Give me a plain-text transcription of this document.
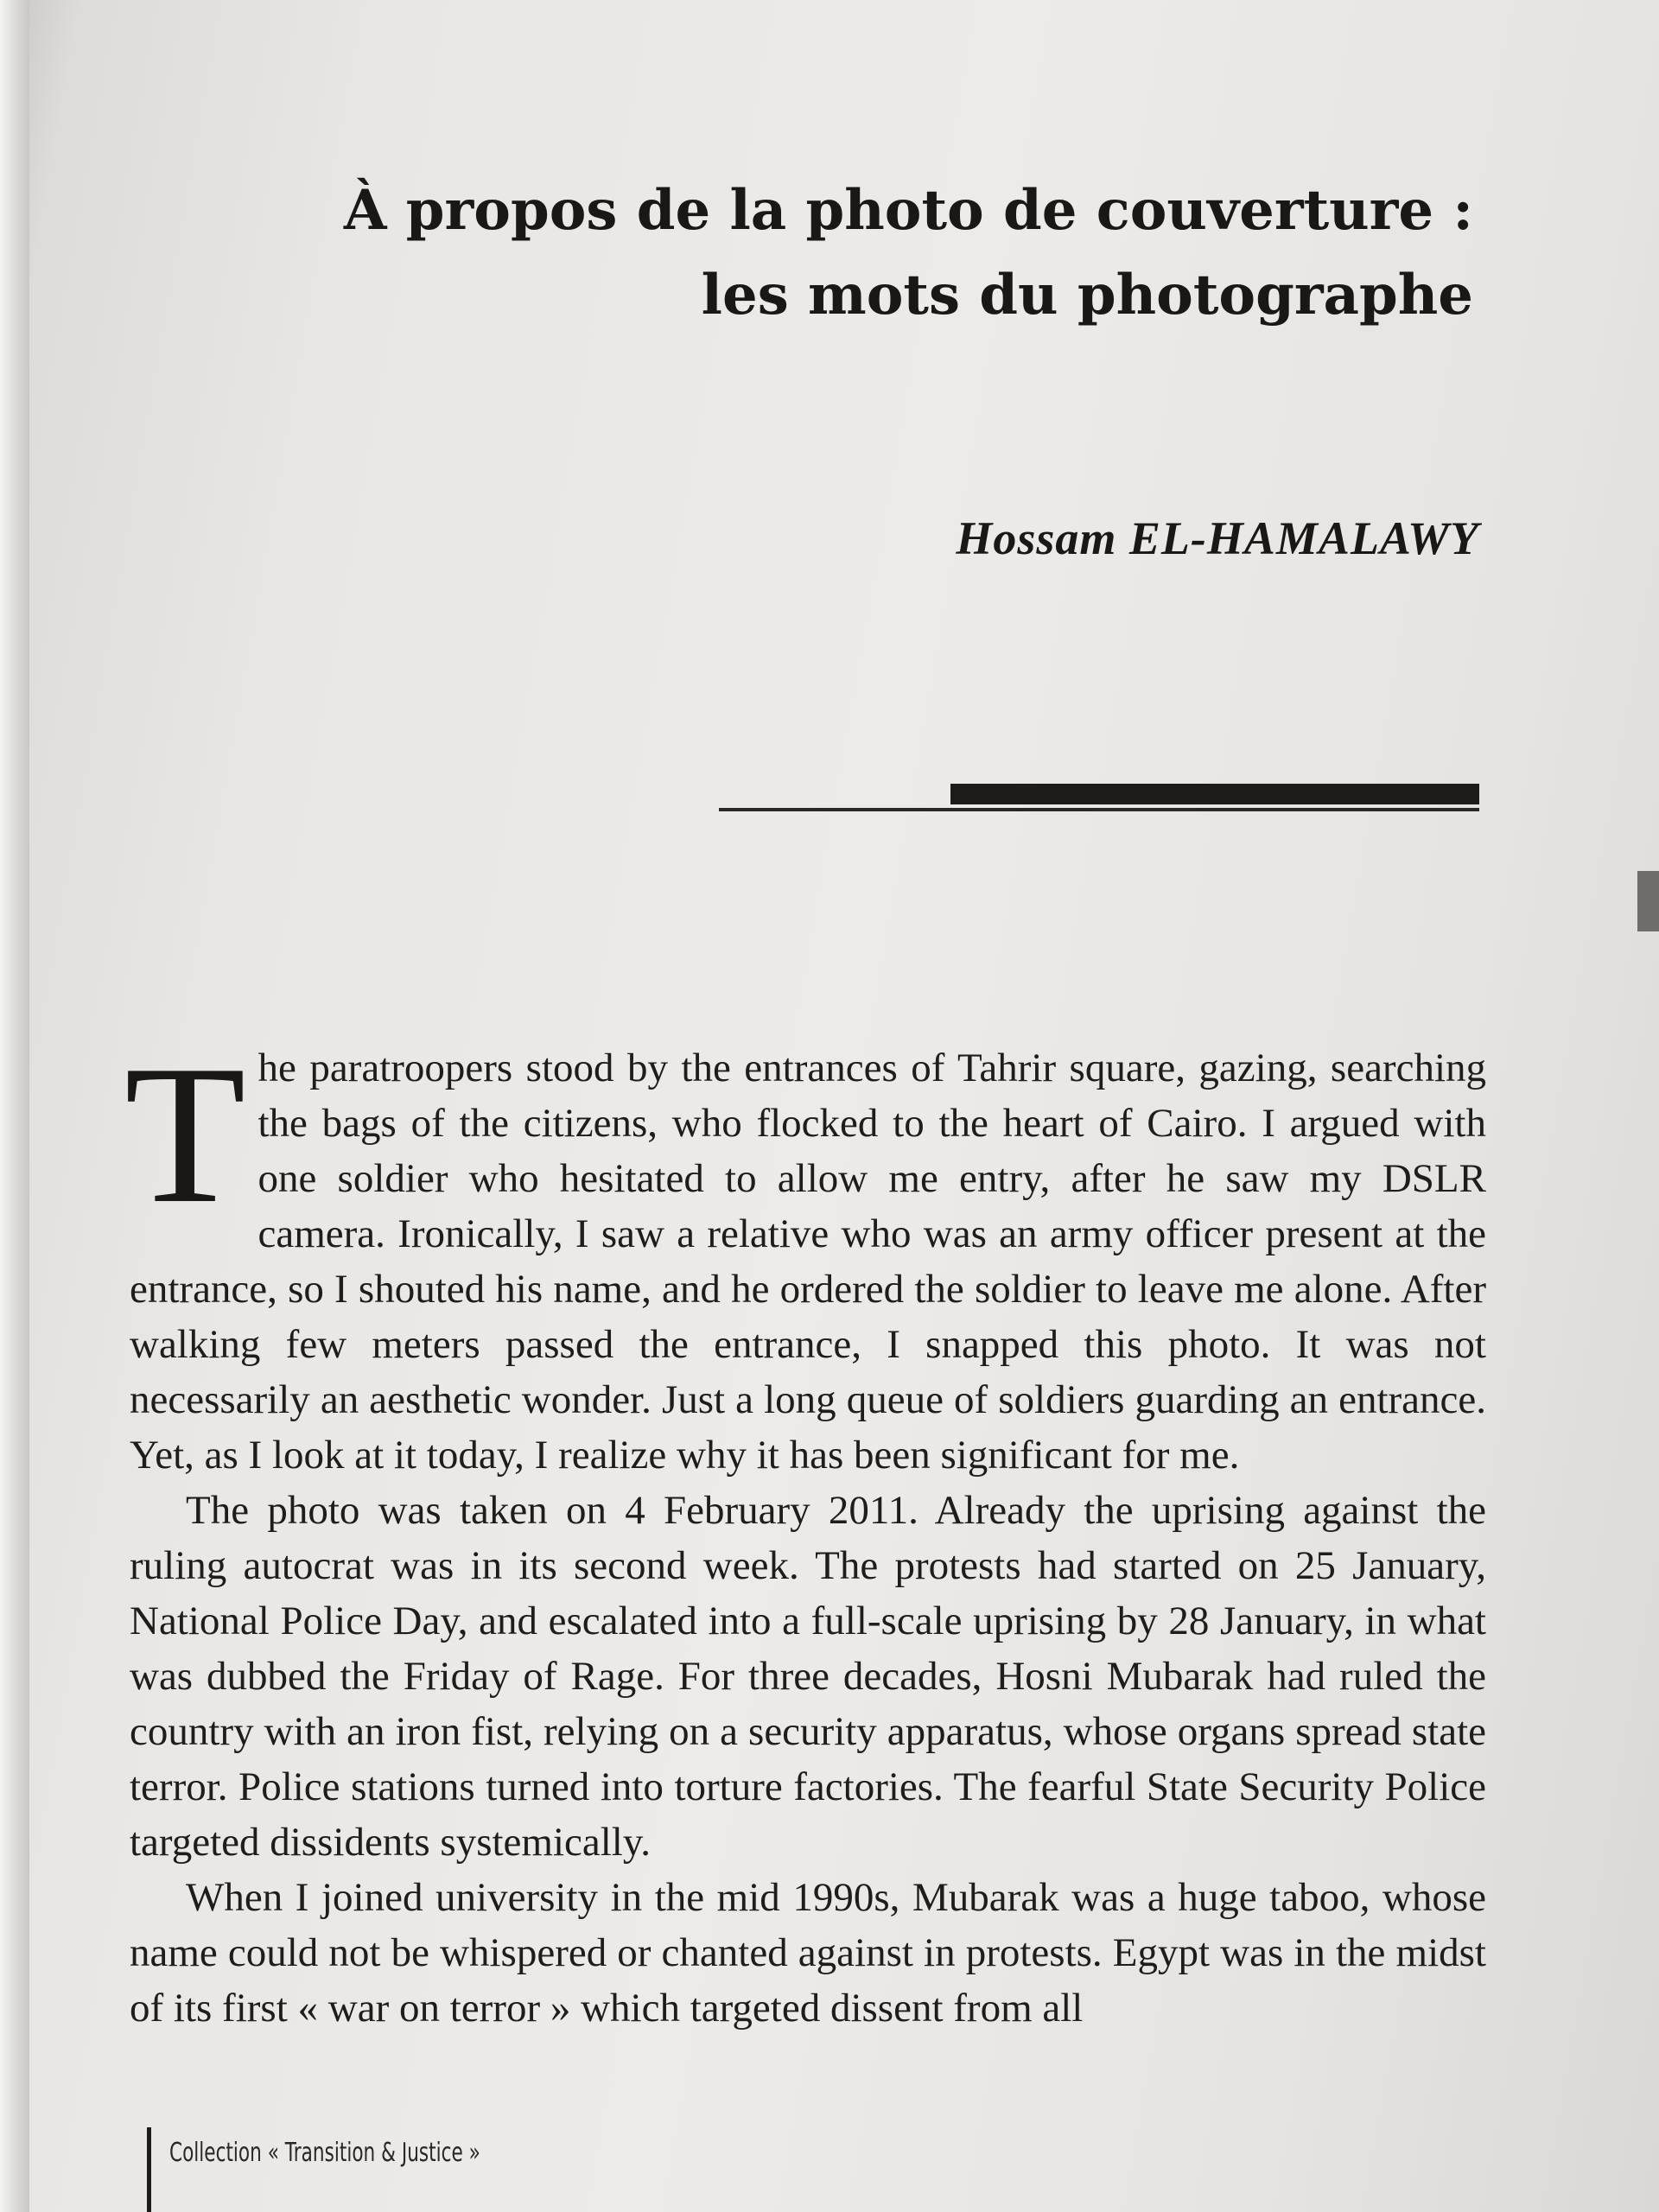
À propos de la photo de couverture :
les mots du photographe

Hossam EL-HAMALAWY

The paratroopers stood by the entrances of Tahrir square, gazing, searching the bags of the citizens, who flocked to the heart of Cairo. I argued with one soldier who hesitated to allow me entry, after he saw my DSLR camera. Ironically, I saw a relative who was an army officer present at the entrance, so I shouted his name, and he ordered the soldier to leave me alone. After walking few meters passed the entrance, I snapped this photo. It was not necessarily an aesthetic wonder. Just a long queue of soldiers guarding an entrance. Yet, as I look at it today, I realize why it has been significant for me.

The photo was taken on 4 February 2011. Already the uprising against the ruling autocrat was in its second week. The protests had started on 25 January, National Police Day, and escalated into a full-scale uprising by 28 January, in what was dubbed the Friday of Rage. For three decades, Hosni Mubarak had ruled the country with an iron fist, relying on a security apparatus, whose organs spread state terror. Police stations turned into torture factories. The fearful State Security Police targeted dissidents systemically.

When I joined university in the mid 1990s, Mubarak was a huge taboo, whose name could not be whispered or chanted against in protests. Egypt was in the midst of its first « war on terror » which targeted dissent from all

Collection « Transition & Justice »
